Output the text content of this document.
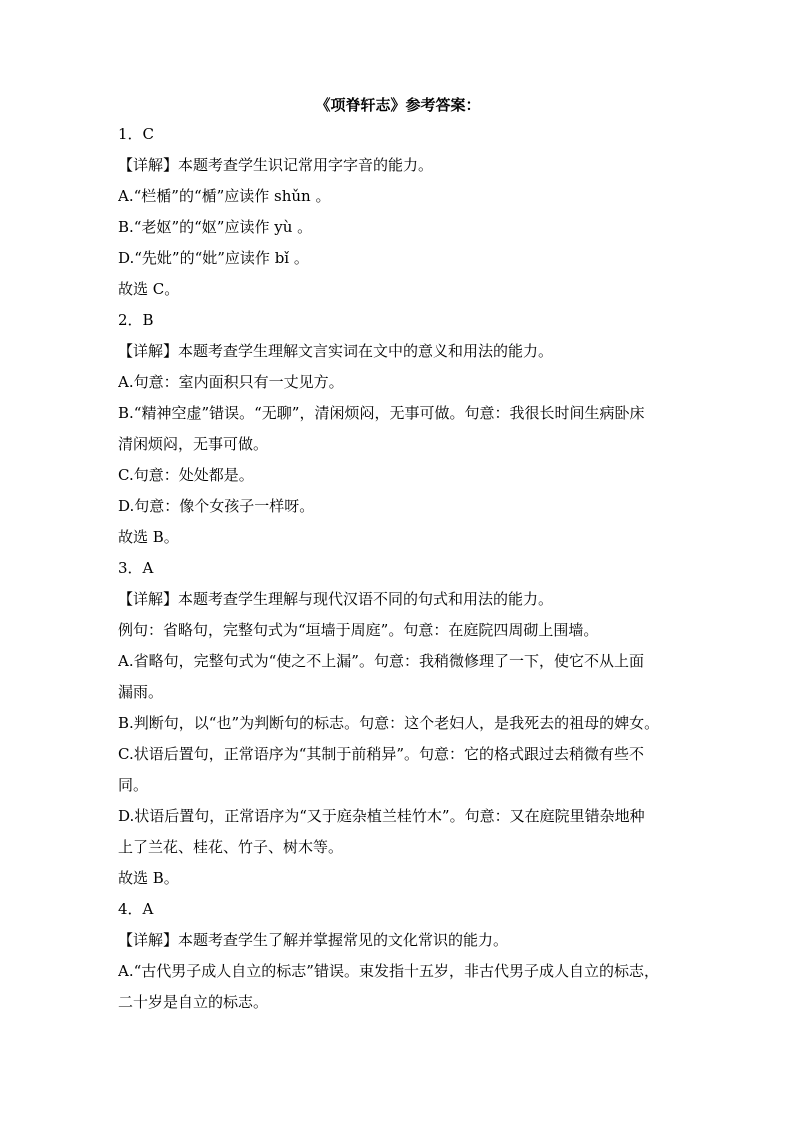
《项脊轩志》参考答案：
1．C
【详解】本题考查学生识记常用字字音的能力。
A.“栏楯”的“楯”应读作 shǔn 。
B.“老妪”的“妪”应读作 yù 。
D.“先妣”的“妣”应读作 bǐ 。
故选 C。
2．B
【详解】本题考查学生理解文言实词在文中的意义和用法的能力。
A.句意：室内面积只有一丈见方。
B.“精神空虚”错误。“无聊”，清闲烦闷，无事可做。句意：我很长时间生病卧床
清闲烦闷，无事可做。
C.句意：处处都是。
D.句意：像个女孩子一样呀。
故选 B。
3．A
【详解】本题考查学生理解与现代汉语不同的句式和用法的能力。
例句：省略句，完整句式为“垣墙于周庭”。句意：在庭院四周砌上围墙。
A.省略句，完整句式为“使之不上漏”。句意：我稍微修理了一下，使它不从上面
漏雨。
B.判断句，以“也”为判断句的标志。句意：这个老妇人，是我死去的祖母的婢女。
C.状语后置句，正常语序为“其制于前稍异”。句意：它的格式跟过去稍微有些不
同。
D.状语后置句，正常语序为“又于庭杂植兰桂竹木”。句意：又在庭院里错杂地种
上了兰花、桂花、竹子、树木等。
故选 B。
4．A
【详解】本题考查学生了解并掌握常见的文化常识的能力。
A.“古代男子成人自立的标志”错误。束发指十五岁，非古代男子成人自立的标志，
二十岁是自立的标志。
